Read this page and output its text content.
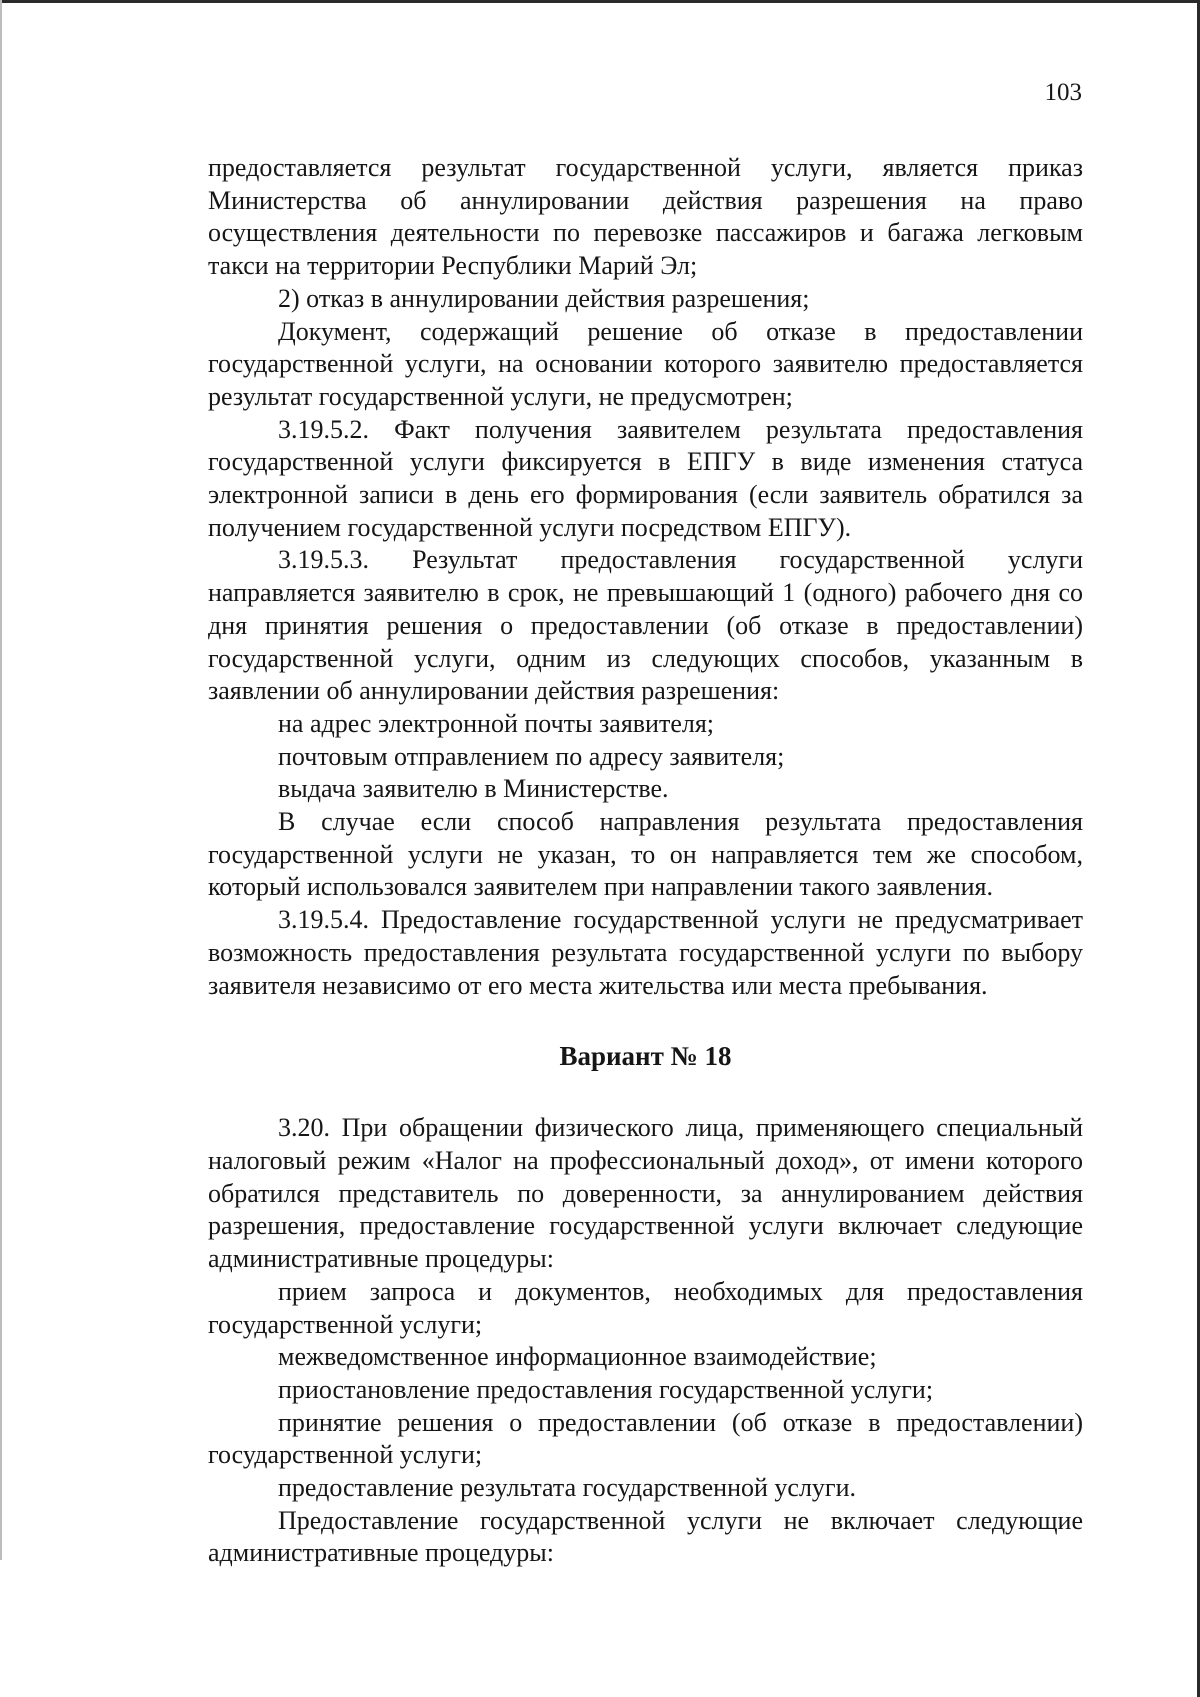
103

предоставляется результат государственной услуги, является приказ Министерства об аннулировании действия разрешения на право осуществления деятельности по перевозке пассажиров и багажа легковым такси на территории Республики Марий Эл;

2) отказ в аннулировании действия разрешения;

Документ, содержащий решение об отказе в предоставлении государственной услуги, на основании которого заявителю предоставляется результат государственной услуги, не предусмотрен;

3.19.5.2. Факт получения заявителем результата предоставления государственной услуги фиксируется в ЕПГУ в виде изменения статуса электронной записи в день его формирования (если заявитель обратился за получением государственной услуги посредством ЕПГУ).

3.19.5.3. Результат предоставления государственной услуги направляется заявителю в срок, не превышающий 1 (одного) рабочего дня со дня принятия решения о предоставлении (об отказе в предоставлении) государственной услуги, одним из следующих способов, указанным в заявлении об аннулировании действия разрешения:

на адрес электронной почты заявителя;

почтовым отправлением по адресу заявителя;

выдача заявителю в Министерстве.

В случае если способ направления результата предоставления государственной услуги не указан, то он направляется тем же способом, который использовался заявителем при направлении такого заявления.

3.19.5.4. Предоставление государственной услуги не предусматривает возможность предоставления результата государственной услуги по выбору заявителя независимо от его места жительства или места пребывания.

Вариант № 18

3.20. При обращении физического лица, применяющего специальный налоговый режим «Налог на профессиональный доход», от имени которого обратился представитель по доверенности, за аннулированием действия разрешения, предоставление государственной услуги включает следующие административные процедуры:

прием запроса и документов, необходимых для предоставления государственной услуги;

межведомственное информационное взаимодействие;

приостановление предоставления государственной услуги;

принятие решения о предоставлении (об отказе в предоставлении) государственной услуги;

предоставление результата государственной услуги.

Предоставление государственной услуги не включает следующие административные процедуры:
